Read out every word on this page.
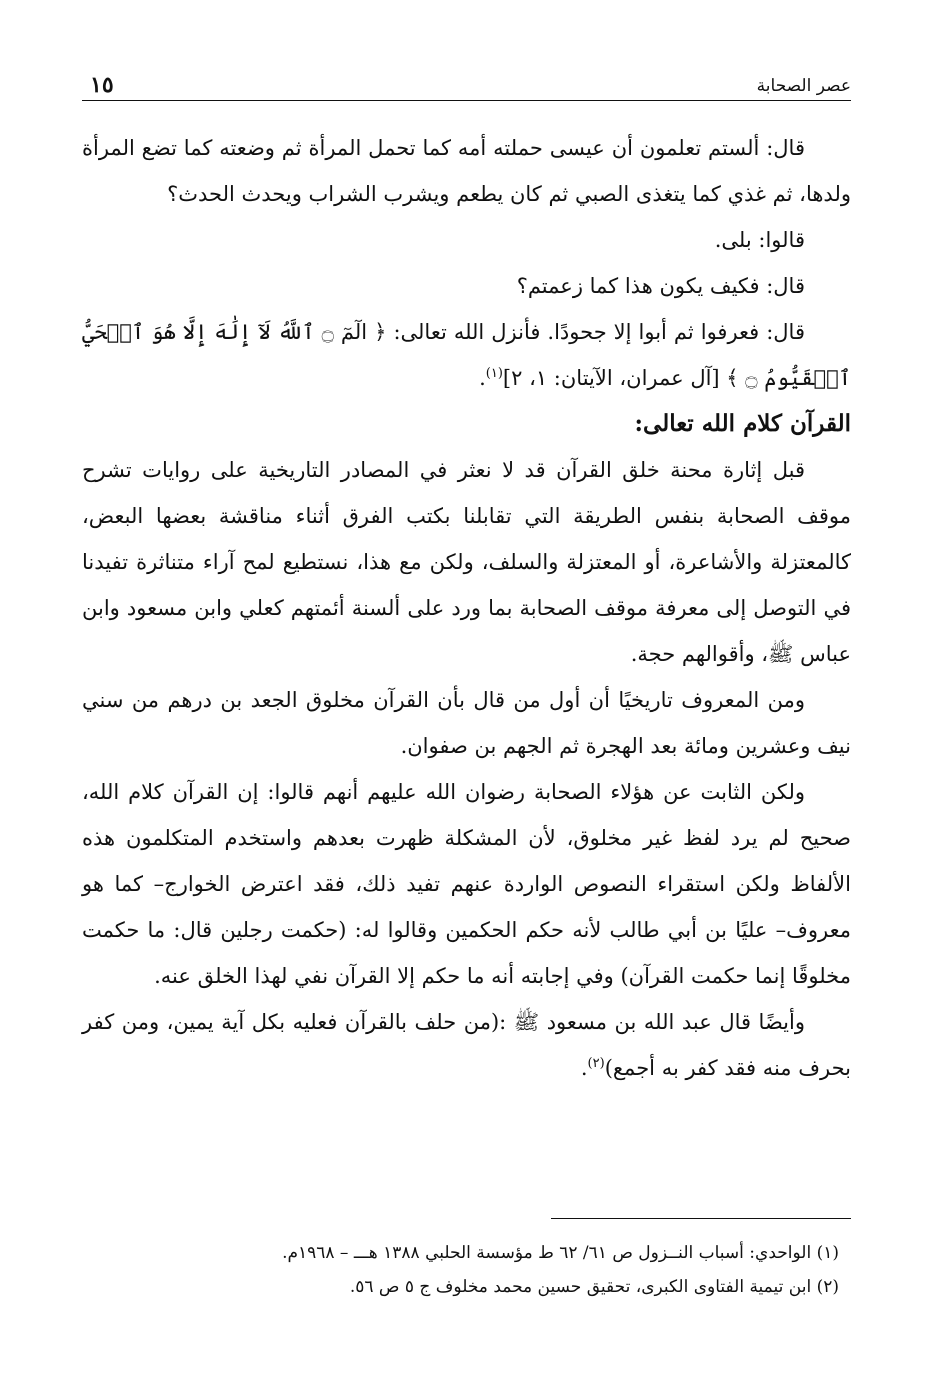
عصر الصحابة
١٥

قال: ألستم تعلمون أن عيسى حملته أمه كما تحمل المرأة ثم وضعته كما تضع المرأة ولدها، ثم غذي كما يتغذى الصبي ثم كان يطعم ويشرب الشراب ويحدث الحدث؟

قالوا: بلى.

قال: فكيف يكون هذا كما زعمتم؟

قال: فعرفوا ثم أبوا إلا جحودًا. فأنزل الله تعالى: ﴿ الٓمٓ ۝ ٱللَّهُ لَآ إِلَٰهَ إِلَّا هُوَ ٱلۡحَيُّ ٱلۡقَيُّومُ ۝ ﴾ [آل عمران، الآيتان: ١، ٢]$^{(١)}$.

القرآن كلام الله تعالى:

قبل إثارة محنة خلق القرآن قد لا نعثر في المصادر التاريخية على روايات تشرح موقف الصحابة بنفس الطريقة التي تقابلنا بكتب الفرق أثناء مناقشة بعضها البعض، كالمعتزلة والأشاعرة، أو المعتزلة والسلف، ولكن مع هذا، نستطيع لمح آراء متناثرة تفيدنا في التوصل إلى معرفة موقف الصحابة بما ورد على ألسنة أئمتهم كعلي وابن مسعود وابن عباس ﷺ، وأقوالهم حجة.

ومن المعروف تاريخيًا أن أول من قال بأن القرآن مخلوق الجعد بن درهم من سني نيف وعشرين ومائة بعد الهجرة ثم الجهم بن صفوان.

ولكن الثابت عن هؤلاء الصحابة رضوان الله عليهم أنهم قالوا: إن القرآن كلام الله، صحيح لم يرد لفظ غير مخلوق، لأن المشكلة ظهرت بعدهم واستخدم المتكلمون هذه الألفاظ ولكن استقراء النصوص الواردة عنهم تفيد ذلك، فقد اعترض الخوارج– كما هو معروف– عليًا بن أبي طالب لأنه حكم الحكمين وقالوا له: (حكمت رجلين قال: ما حكمت مخلوقًا إنما حكمت القرآن) وفي إجابته أنه ما حكم إلا القرآن نفي لهذا الخلق عنه.

وأيضًا قال عبد الله بن مسعود ﷺ :(من حلف بالقرآن فعليه بكل آية يمين، ومن كفر بحرف منه فقد كفر به أجمع)$^{(٢)}$.

(١) الواحدي: أسباب النــزول ص ٦١/ ٦٢ ط مؤسسة الحلبي ١٣٨٨ هـــ – ١٩٦٨م.

(٢) ابن تيمية الفتاوى الكبرى، تحقيق حسين محمد مخلوف ج ٥ ص ٥٦.
